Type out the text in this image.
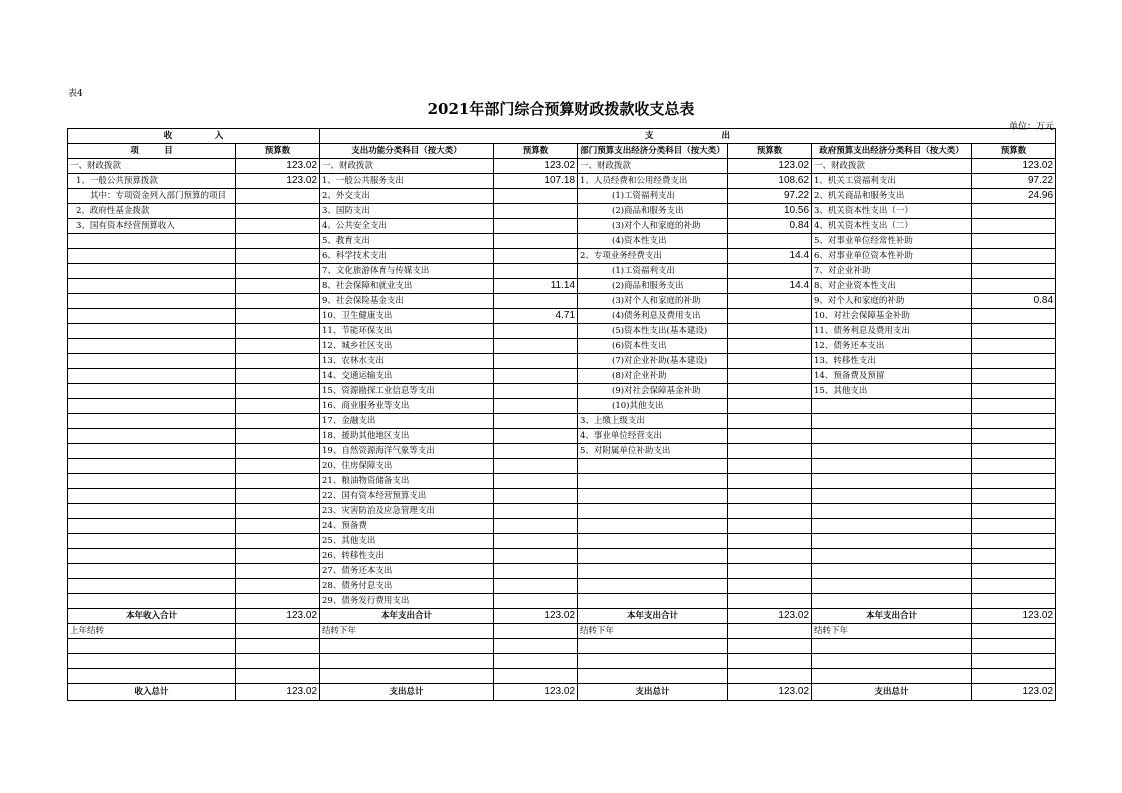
表4
2021年部门综合预算财政拨款收支总表
单位：万元
收　　　　　入		支　　　　　　　　出					
项　　　目	预算数	支出功能分类科目（按大类）	预算数	部门预算支出经济分类科目（按大类）	预算数	政府预算支出经济分类科目（按大类）	预算数
一、财政拨款	123.02	一、财政拨款	123.02	一、财政拨款	123.02	一、财政拨款	123.02
1、一般公共预算拨款	123.02	1、一般公共服务支出	107.18	1、人员经费和公用经费支出	108.62	1、机关工资福利支出	97.22
其中：专项资金列入部门预算的项目		2、外交支出		(1)工资福利支出	97.22	2、机关商品和服务支出	24.96
2、政府性基金拨款		3、国防支出		(2)商品和服务支出	10.56	3、机关资本性支出（一）	
3、国有资本经营预算收入		4、公共安全支出		(3)对个人和家庭的补助	0.84	4、机关资本性支出（二）	
		5、教育支出		(4)资本性支出		5、对事业单位经常性补助	
		6、科学技术支出		2、专项业务经费支出	14.4	6、对事业单位资本性补助	
		7、文化旅游体育与传媒支出		(1)工资福利支出		7、对企业补助	
		8、社会保障和就业支出	11.14	(2)商品和服务支出	14.4	8、对企业资本性支出	
		9、社会保险基金支出		(3)对个人和家庭的补助		9、对个人和家庭的补助	0.84
		10、卫生健康支出	4.71	(4)债务利息及费用支出		10、对社会保障基金补助	
		11、节能环保支出		(5)资本性支出(基本建设)		11、债务利息及费用支出	
		12、城乡社区支出		(6)资本性支出		12、债务还本支出	
		13、农林水支出		(7)对企业补助(基本建设)		13、转移性支出	
		14、交通运输支出		(8)对企业补助		14、预备费及预留	
		15、资源勘探工业信息等支出		(9)对社会保障基金补助		15、其他支出	
		16、商业服务业等支出		(10)其他支出			
		17、金融支出		3、上缴上级支出			
		18、援助其他地区支出		4、事业单位经营支出			
		19、自然资源海洋气象等支出		5、对附属单位补助支出			
		20、住房保障支出					
		21、粮油物资储备支出					
		22、国有资本经营预算支出					
		23、灾害防治及应急管理支出					
		24、预备费					
		25、其他支出					
		26、转移性支出					
		27、债务还本支出					
		28、债务付息支出					
		29、债务发行费用支出					
本年收入合计	123.02	本年支出合计	123.02	本年支出合计	123.02	本年支出合计	123.02
上年结转		结转下年		结转下年		结转下年	

收入总计	123.02	支出总计	123.02	支出总计	123.02	支出总计	123.02
